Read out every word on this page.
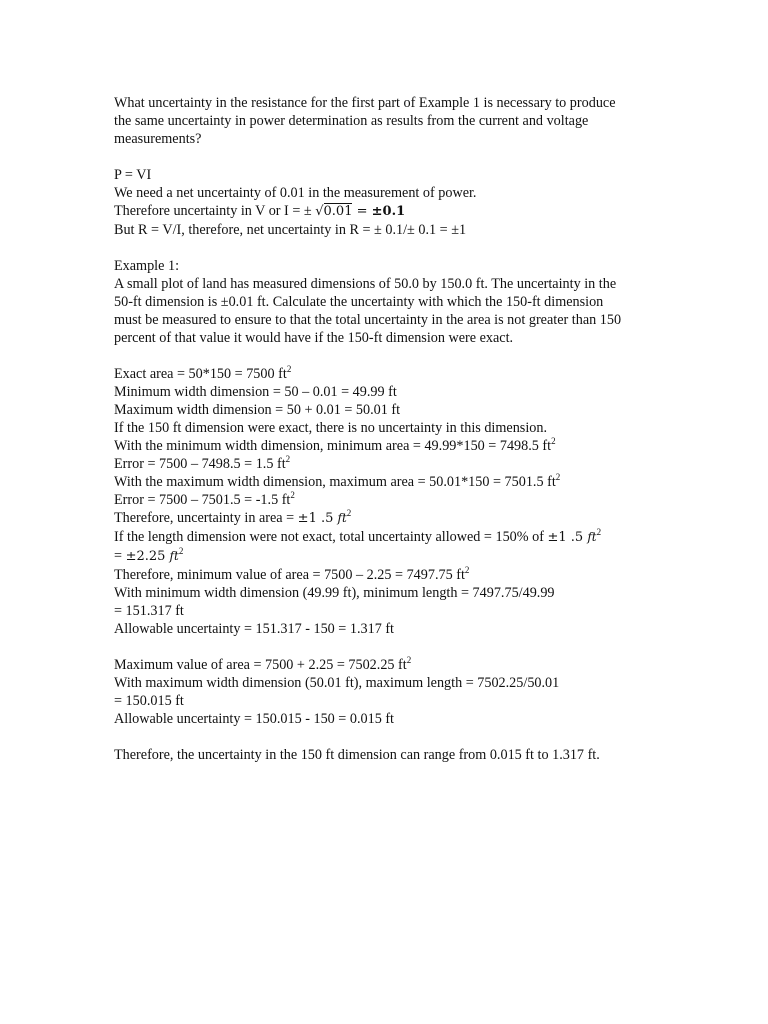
What uncertainty in the resistance for the first part of Example 1 is necessary to produce
the same uncertainty in power determination as results from the current and voltage
measurements?
P = VI
We need a net uncertainty of 0.01 in the measurement of power.
Therefore uncertainty in V or I = ± √0.01 = ±0.1
But R = V/I, therefore, net uncertainty in R = ± 0.1/± 0.1 = ±1
Example 1:
A small plot of land has measured dimensions of 50.0 by 150.0 ft. The uncertainty in the
50-ft dimension is ±0.01 ft. Calculate the uncertainty with which the 150-ft dimension
must be measured to ensure to that the total uncertainty in the area is not greater than 150
percent of that value it would have if the 150-ft dimension were exact.
Exact area = 50*150 = 7500 $ft^2$
Minimum width dimension = 50 – 0.01 = 49.99 ft
Maximum width dimension = 50 + 0.01 = 50.01 ft
If the 150 ft dimension were exact, there is no uncertainty in this dimension.
With the minimum width dimension, minimum area = 49.99*150 = 7498.5 $ft^2$
Error = 7500 – 7498.5 = 1.5 $ft^2$
With the maximum width dimension, maximum area = 50.01*150 = 7501.5 $ft^2$
Error = 7500 – 7501.5 = -1.5 $ft^2$
Therefore, uncertainty in area = ±1 .5 $ft^2$
If the length dimension were not exact, total uncertainty allowed = 150% of ±1 .5 $ft^2$
= ±2.25 $ft^2$
Therefore, minimum value of area = 7500 – 2.25 = 7497.75 $ft^2$
With minimum width dimension (49.99 ft), minimum length = 7497.75/49.99
= 151.317 ft
Allowable uncertainty = 151.317 - 150 = 1.317 ft
Maximum value of area = 7500 + 2.25 = 7502.25 $ft^2$
With maximum width dimension (50.01 ft), maximum length = 7502.25/50.01
= 150.015 ft
Allowable uncertainty = 150.015 - 150 = 0.015 ft
Therefore, the uncertainty in the 150 ft dimension can range from 0.015 ft to 1.317 ft.
